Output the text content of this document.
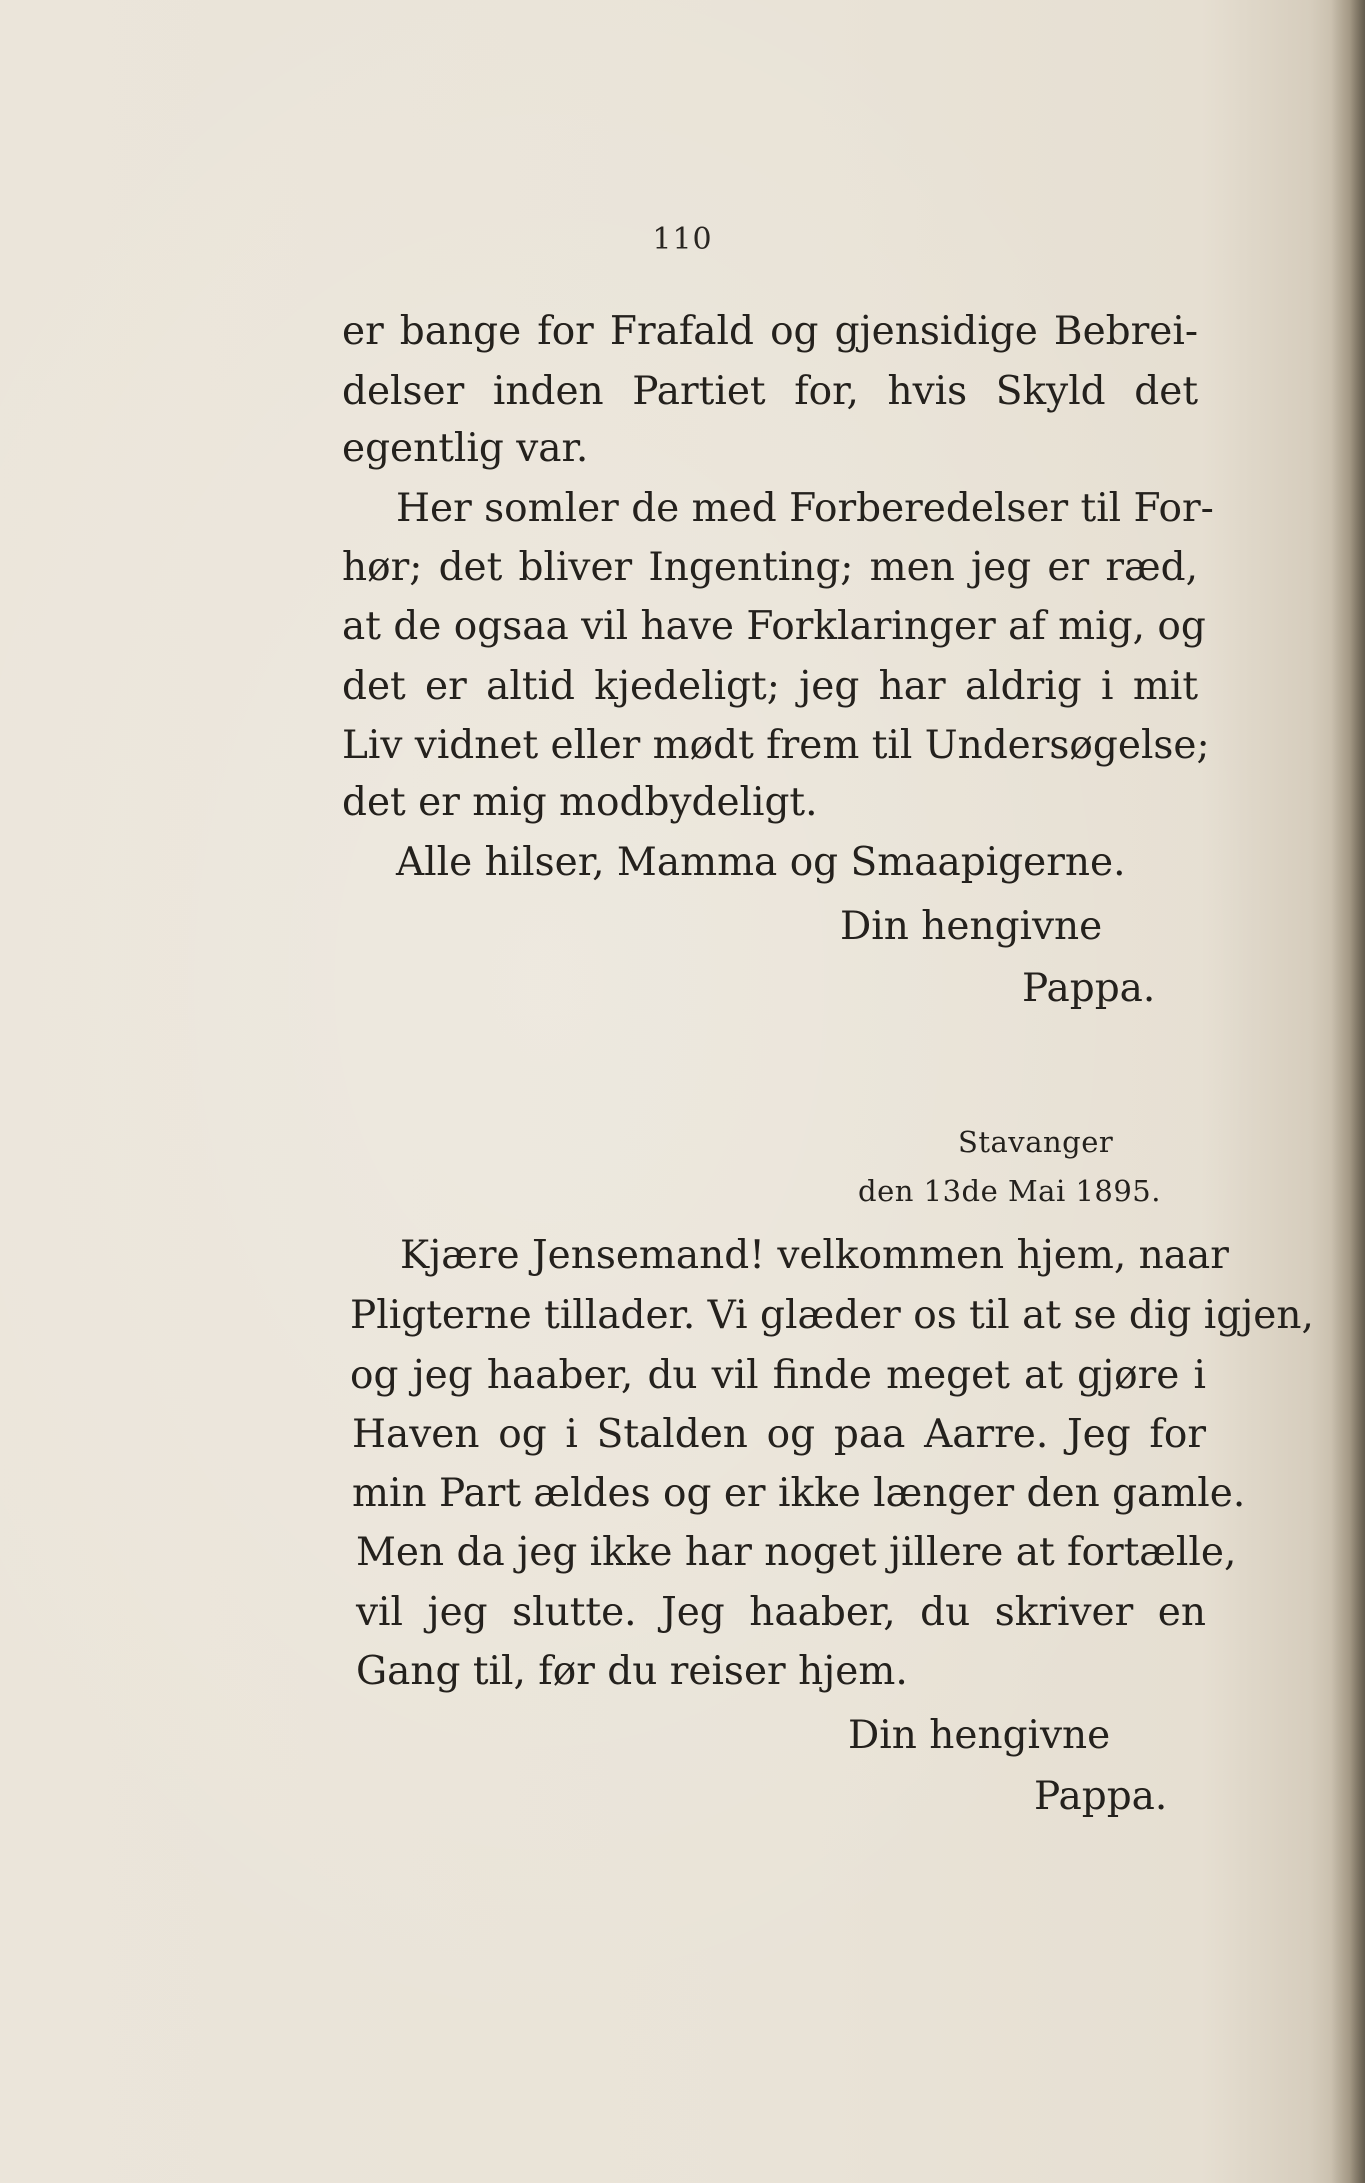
110
er bange for Frafald og gjensidige Bebrei-
delser inden Partiet for, hvis Skyld det
egentlig var.
Her somler de med Forberedelser til For-
hør; det bliver Ingenting; men jeg er ræd,
at de ogsaa vil have Forklaringer af mig, og
det er altid kjedeligt; jeg har aldrig i mit
Liv vidnet eller mødt frem til Undersøgelse;
det er mig modbydeligt.
Alle hilser, Mamma og Smaapigerne.
Din hengivne
Pappa.
Stavanger
den 13de Mai 1895.
Kjære Jensemand! velkommen hjem, naar
Pligterne tillader. Vi glæder os til at se dig igjen,
og jeg haaber, du vil finde meget at gjøre i
Haven og i Stalden og paa Aarre. Jeg for
min Part ældes og er ikke længer den gamle.
Men da jeg ikke har noget jillere at fortælle,
vil jeg slutte. Jeg haaber, du skriver en
Gang til, før du reiser hjem.
Din hengivne
Pappa.
